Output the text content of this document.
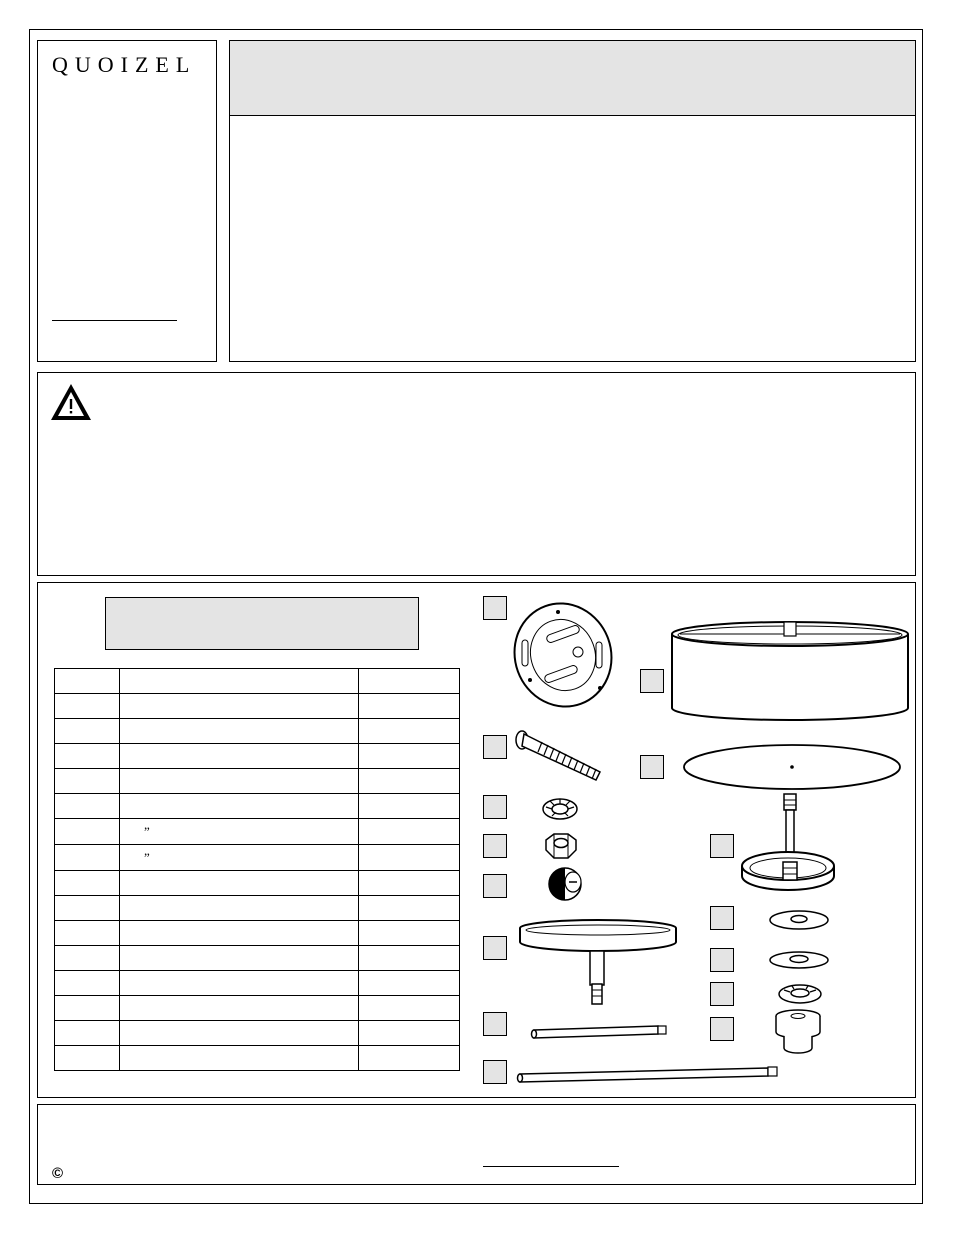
QUOIZEL

	”	
	”	

©
